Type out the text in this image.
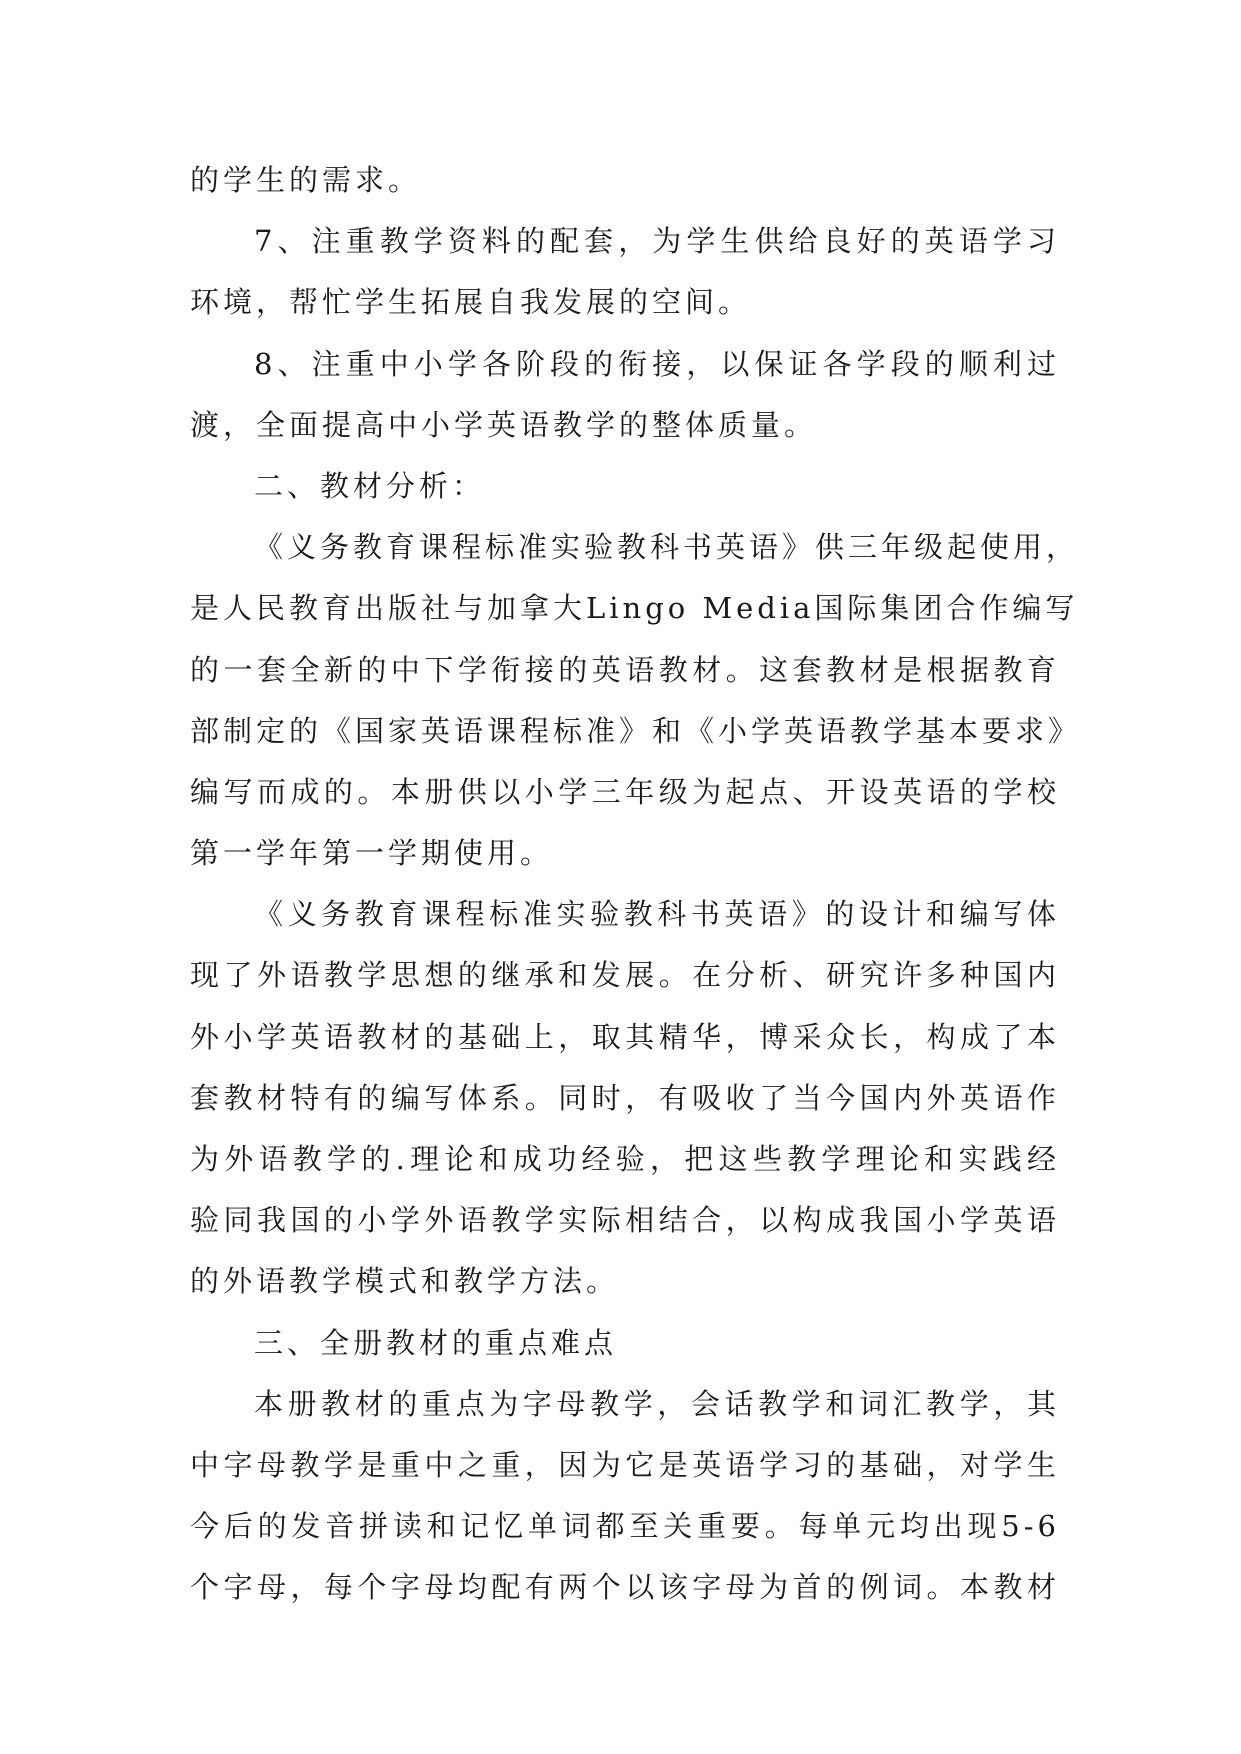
的学生的需求。
7、注重教学资料的配套，为学生供给良好的英语学习
环境，帮忙学生拓展自我发展的空间。
8、注重中小学各阶段的衔接，以保证各学段的顺利过
渡，全面提高中小学英语教学的整体质量。
二、教材分析：
《义务教育课程标准实验教科书英语》供三年级起使用，
是人民教育出版社与加拿大Lingo Media国际集团合作编写
的一套全新的中下学衔接的英语教材。这套教材是根据教育
部制定的《国家英语课程标准》和《小学英语教学基本要求》
编写而成的。本册供以小学三年级为起点、开设英语的学校
第一学年第一学期使用。
《义务教育课程标准实验教科书英语》的设计和编写体
现了外语教学思想的继承和发展。在分析、研究许多种国内
外小学英语教材的基础上，取其精华，博采众长，构成了本
套教材特有的编写体系。同时，有吸收了当今国内外英语作
为外语教学的.理论和成功经验，把这些教学理论和实践经
验同我国的小学外语教学实际相结合，以构成我国小学英语
的外语教学模式和教学方法。
三、全册教材的重点难点
本册教材的重点为字母教学，会话教学和词汇教学，其
中字母教学是重中之重，因为它是英语学习的基础，对学生
今后的发音拼读和记忆单词都至关重要。每单元均出现5-6
个字母，每个字母均配有两个以该字母为首的例词。本教材
